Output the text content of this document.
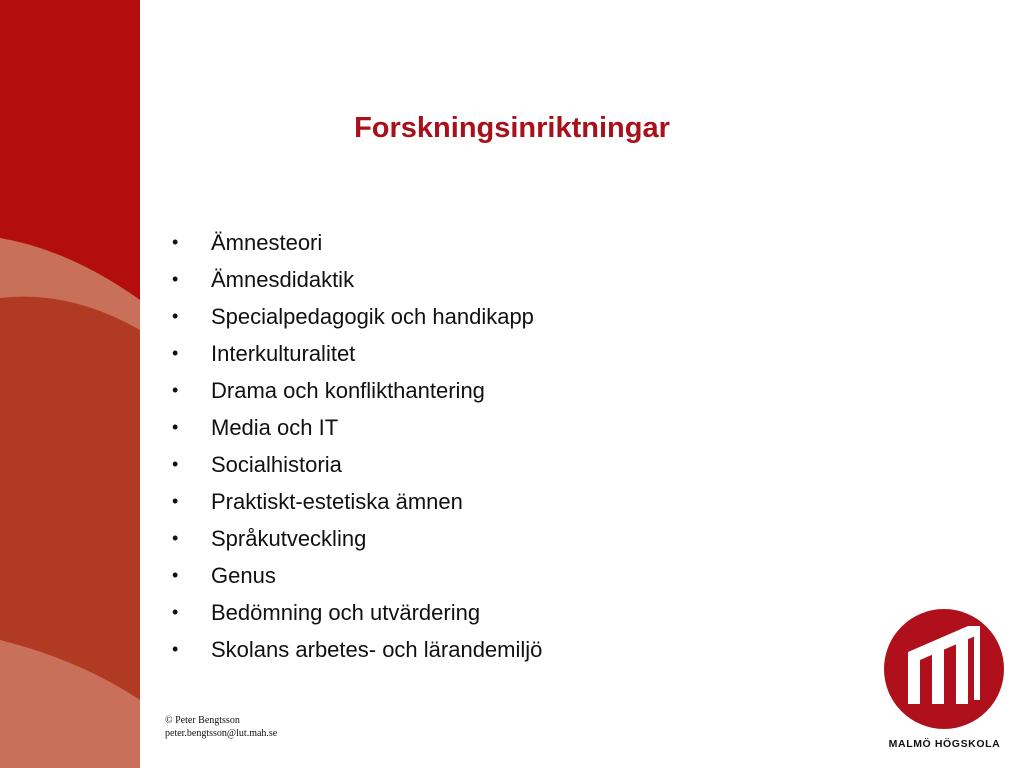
Forskningsinriktningar
• Ämnesteori
• Ämnesdidaktik
• Specialpedagogik och handikapp
• Interkulturalitet
• Drama och konflikthantering
• Media och IT
• Socialhistoria
• Praktiskt-estetiska ämnen
• Språkutveckling
• Genus
• Bedömning och utvärdering
• Skolans arbetes- och lärandemiljö
© Peter Bengtsson
peter.bengtsson@lut.mah.se
MALMÖ HÖGSKOLA
